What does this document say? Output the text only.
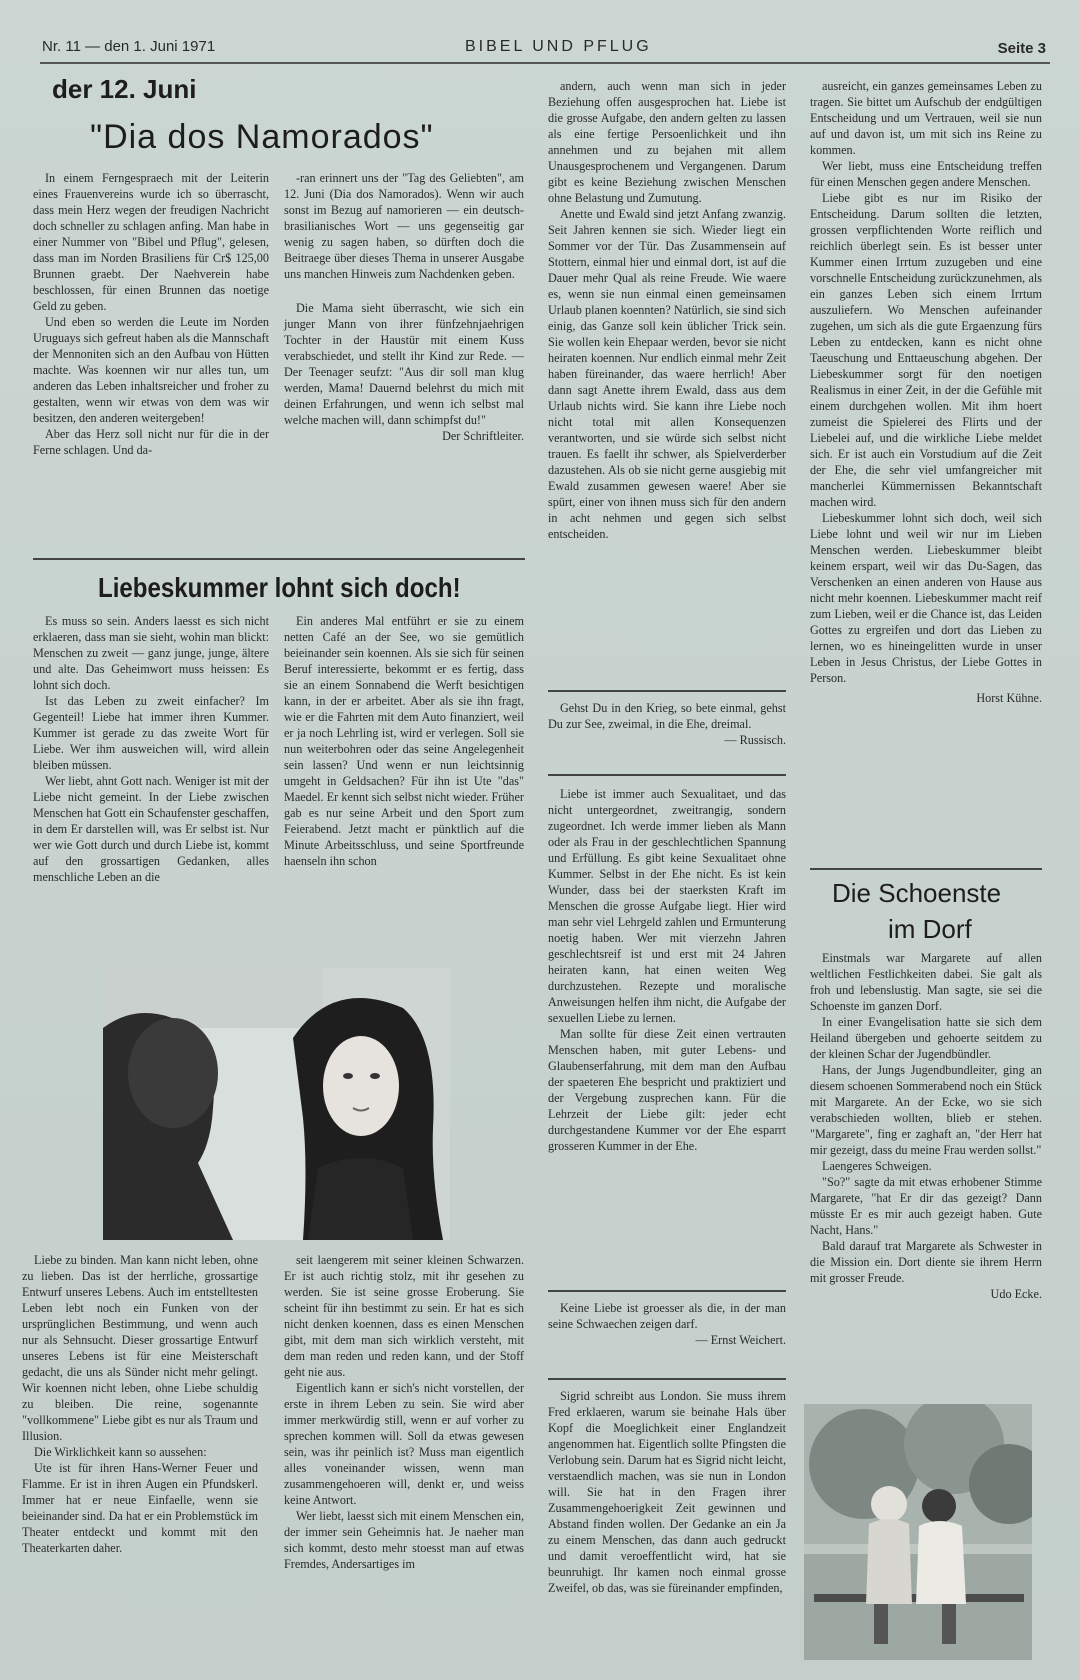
Nr. 11 — den 1. Juni 1971	BIBEL UND PFLUG	Seite 3
der 12. Juni
"Dia dos Namorados"

In einem Ferngespraech mit der Leiterin eines Frauenvereins wurde ich so überrascht, dass mein Herz wegen der freudigen Nachricht doch schneller zu schlagen anfing. Man habe in einer Nummer von "Bibel und Pflug", gelesen, dass man im Norden Brasiliens für Cr$ 125,00 Brunnen graebt. Der Naehverein habe beschlossen, für einen Brunnen das noetige Geld zu geben.

Und eben so werden die Leute im Norden Uruguays sich gefreut haben als die Mannschaft der Mennoniten sich an den Aufbau von Hütten machte. Was koennen wir nur alles tun, um anderen das Leben inhaltsreicher und froher zu gestalten, wenn wir etwas von dem was wir besitzen, den anderen weitergeben!

Aber das Herz soll nicht nur für die in der Ferne schlagen. Und da-

-ran erinnert uns der "Tag des Geliebten", am 12. Juni (Dia dos Namorados). Wenn wir auch sonst im Bezug auf namorieren — ein deutsch-brasilianisches Wort — uns gegenseitig gar wenig zu sagen haben, so dürften doch die Beitraege über dieses Thema in unserer Ausgabe uns manchen Hinweis zum Nachdenken geben.

Die Mama sieht überrascht, wie sich ein junger Mann von ihrer fünfzehnjaehrigen Tochter in der Haustür mit einem Kuss verabschiedet, und stellt ihr Kind zur Rede. — Der Teenager seufzt: "Aus dir soll man klug werden, Mama! Dauernd belehrst du mich mit deinen Erfahrungen, und wenn ich selbst mal welche machen will, dann schimpfst du!"

Der Schriftleiter.

Liebeskummer lohnt sich doch!

Es muss so sein. Anders laesst es sich nicht erklaeren, dass man sie sieht, wohin man blickt: Menschen zu zweit — ganz junge, junge, ältere und alte. Das Geheimwort muss heissen: Es lohnt sich doch.

Ist das Leben zu zweit einfacher? Im Gegenteil! Liebe hat immer ihren Kummer. Kummer ist gerade zu das zweite Wort für Liebe. Wer ihm ausweichen will, wird allein bleiben müssen.

Wer liebt, ahnt Gott nach. Weniger ist mit der Liebe nicht gemeint. In der Liebe zwischen Menschen hat Gott ein Schaufenster geschaffen, in dem Er darstellen will, was Er selbst ist. Nur wer wie Gott durch und durch Liebe ist, kommt auf den grossartigen Gedanken, alles menschliche Leben an die

Ein anderes Mal entführt er sie zu einem netten Café an der See, wo sie gemütlich beieinander sein koennen. Als sie sich für seinen Beruf interessierte, bekommt er es fertig, dass sie an einem Sonnabend die Werft besichtigen kann, in der er arbeitet. Aber als sie ihn fragt, wie er die Fahrten mit dem Auto finanziert, weil er ja noch Lehrling ist, wird er verlegen. Soll sie nun weiterbohren oder das seine Angelegenheit sein lassen? Und wenn er nun leichtsinnig umgeht in Geldsachen? Für ihn ist Ute "das" Maedel. Er kennt sich selbst nicht wieder. Früher gab es nur seine Arbeit und den Sport zum Feierabend. Jetzt macht er pünktlich auf die Minute Arbeitsschluss, und seine Sportfreunde haenseln ihn schon

Liebe zu binden. Man kann nicht leben, ohne zu lieben. Das ist der herrliche, grossartige Entwurf unseres Lebens. Auch im entstelltesten Leben lebt noch ein Funken von der ursprünglichen Bestimmung, und wenn auch nur als Sehnsucht. Dieser grossartige Entwurf unseres Lebens ist für eine Meisterschaft gedacht, die uns als Sünder nicht mehr gelingt. Wir koennen nicht leben, ohne Liebe schuldig zu bleiben. Die reine, sogenannte "vollkommene" Liebe gibt es nur als Traum und Illusion.

Die Wirklichkeit kann so aussehen:

Ute ist für ihren Hans-Werner Feuer und Flamme. Er ist in ihren Augen ein Pfundskerl. Immer hat er neue Einfaelle, wenn sie beieinander sind. Da hat er ein Problemstück im Theater entdeckt und kommt mit den Theaterkarten daher.

seit laengerem mit seiner kleinen Schwarzen. Er ist auch richtig stolz, mit ihr gesehen zu werden. Sie ist seine grosse Eroberung. Sie scheint für ihn bestimmt zu sein. Er hat es sich nicht denken koennen, dass es einen Menschen gibt, mit dem man sich wirklich versteht, mit dem man reden und reden kann, und der Stoff geht nie aus.

Eigentlich kann er sich's nicht vorstellen, der erste in ihrem Leben zu sein. Sie wird aber immer merkwürdig still, wenn er auf vorher zu sprechen kommen will. Soll da etwas gewesen sein, was ihr peinlich ist? Muss man eigentlich alles voneinander wissen, wenn man zusammengehoeren will, denkt er, und weiss keine Antwort.

Wer liebt, laesst sich mit einem Menschen ein, der immer sein Geheimnis hat. Je naeher man sich kommt, desto mehr stoesst man auf etwas Fremdes, Andersartiges im

andern, auch wenn man sich in jeder Beziehung offen ausgesprochen hat. Liebe ist die grosse Aufgabe, den andern gelten zu lassen als eine fertige Persoenlichkeit und ihn annehmen und zu bejahen mit allem Unausgesprochenem und Vergangenen. Darum gibt es keine Beziehung zwischen Menschen ohne Belastung und Zumutung.

Anette und Ewald sind jetzt Anfang zwanzig. Seit Jahren kennen sie sich. Wieder liegt ein Sommer vor der Tür. Das Zusammensein auf Stottern, einmal hier und einmal dort, ist auf die Dauer mehr Qual als reine Freude. Wie waere es, wenn sie nun einmal einen gemeinsamen Urlaub planen koennten? Natürlich, sie sind sich einig, das Ganze soll kein üblicher Trick sein. Sie wollen kein Ehepaar werden, bevor sie nicht heiraten koennen. Nur endlich einmal mehr Zeit haben füreinander, das waere herrlich! Aber dann sagt Anette ihrem Ewald, dass aus dem Urlaub nichts wird. Sie kann ihre Liebe noch nicht total mit allen Konsequenzen verantworten, und sie würde sich selbst nicht trauen. Es faellt ihr schwer, als Spielverderber dazustehen. Als ob sie nicht gerne ausgiebig mit Ewald zusammen gewesen waere! Aber sie spürt, einer von ihnen muss sich für den andern in acht nehmen und gegen sich selbst entscheiden.

ausreicht, ein ganzes gemeinsames Leben zu tragen. Sie bittet um Aufschub der endgültigen Entscheidung und um Vertrauen, weil sie nun auf und davon ist, um mit sich ins Reine zu kommen.

Wer liebt, muss eine Entscheidung treffen für einen Menschen gegen andere Menschen.

Liebe gibt es nur im Risiko der Entscheidung. Darum sollten die letzten, grossen verpflichtenden Worte reiflich und reichlich überlegt sein. Es ist besser unter Kummer einen Irrtum zuzugeben und eine vorschnelle Entscheidung zurückzunehmen, als ein ganzes Leben sich einem Irrtum auszuliefern. Wo Menschen aufeinander zugehen, um sich als die gute Ergaenzung fürs Leben zu entdecken, kann es nicht ohne Taeuschung und Enttaeuschung abgehen. Der Liebeskummer sorgt für den noetigen Realismus in einer Zeit, in der die Gefühle mit einem durchgehen wollen. Mit ihm hoert zumeist die Spielerei des Flirts und der Liebelei auf, und die wirkliche Liebe meldet sich. Er ist auch ein Vorstudium auf die Zeit der Ehe, die sehr viel umfangreicher mit mancherlei Kümmernissen Bekanntschaft machen wird.

Liebeskummer lohnt sich doch, weil sich Liebe lohnt und weil wir nur im Lieben Menschen werden. Liebeskummer bleibt keinem erspart, weil wir das Du-Sagen, das Verschenken an einen anderen von Hause aus nicht mehr koennen. Liebeskummer macht reif zum Lieben, weil er die Chance ist, das Leiden Gottes zu ergreifen und dort das Lieben zu lernen, wo es hineingelitten wurde in unser Leben in Jesus Christus, der Liebe Gottes in Person.

Horst Kühne.

Gehst Du in den Krieg, so bete einmal, gehst Du zur See, zweimal, in die Ehe, dreimal.

— Russisch.

Liebe ist immer auch Sexualitaet, und das nicht untergeordnet, zweitrangig, sondern zugeordnet. Ich werde immer lieben als Mann oder als Frau in der geschlechtlichen Spannung und Erfüllung. Es gibt keine Sexualitaet ohne Kummer. Selbst in der Ehe nicht. Es ist kein Wunder, dass bei der staerksten Kraft im Menschen die grosse Aufgabe liegt. Hier wird man sehr viel Lehrgeld zahlen und Ermunterung noetig haben. Wer mit vierzehn Jahren geschlechtsreif ist und erst mit 24 Jahren heiraten kann, hat einen weiten Weg durchzustehen. Rezepte und moralische Anweisungen helfen ihm nicht, die Aufgabe der sexuellen Liebe zu lernen.

Man sollte für diese Zeit einen vertrauten Menschen haben, mit guter Lebens- und Glaubenserfahrung, mit dem man den Aufbau der spaeteren Ehe bespricht und praktiziert und der Vergebung zusprechen kann. Für die Lehrzeit der Liebe gilt: jeder echt durchgestandene Kummer vor der Ehe esparrt grosseren Kummer in der Ehe.

Keine Liebe ist groesser als die, in der man seine Schwaechen zeigen darf.

— Ernst Weichert.

Sigrid schreibt aus London. Sie muss ihrem Fred erklaeren, warum sie beinahe Hals über Kopf die Moeglichkeit einer Englandzeit angenommen hat. Eigentlich sollte Pfingsten die Verlobung sein. Darum hat es Sigrid nicht leicht, verstaendlich machen, was sie nun in London will. Sie hat in den Fragen ihrer Zusammengehoerigkeit Zeit gewinnen und Abstand finden wollen. Der Gedanke an ein Ja zu einem Menschen, das dann auch gedruckt und damit veroeffentlicht wird, hat sie beunruhigt. Ihr kamen noch einmal grosse Zweifel, ob das, was sie füreinander empfinden,

Die Schoenste
im Dorf

Einstmals war Margarete auf allen weltlichen Festlichkeiten dabei. Sie galt als froh und lebenslustig. Man sagte, sie sei die Schoenste im ganzen Dorf.

In einer Evangelisation hatte sie sich dem Heiland übergeben und gehoerte seitdem zu der kleinen Schar der Jugendbündler.

Hans, der Jungs Jugendbundleiter, ging an diesem schoenen Sommerabend noch ein Stück mit Margarete. An der Ecke, wo sie sich verabschieden wollten, blieb er stehen. "Margarete", fing er zaghaft an, "der Herr hat mir gezeigt, dass du meine Frau werden sollst."

Laengeres Schweigen.

"So?" sagte da mit etwas erhobener Stimme Margarete, "hat Er dir das gezeigt? Dann müsste Er es mir auch gezeigt haben. Gute Nacht, Hans."

Bald darauf trat Margarete als Schwester in die Mission ein. Dort diente sie ihrem Herrn mit grosser Freude.

Udo Ecke.
